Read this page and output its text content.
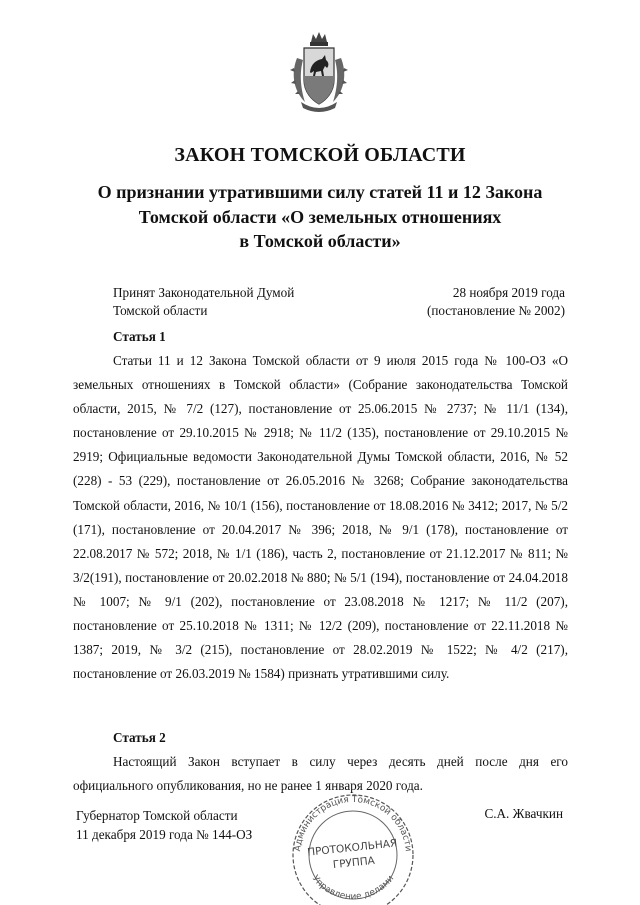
ЗАКОН ТОМСКОЙ ОБЛАСТИ
О признании утратившими силу статей 11 и 12 Закона
Томской области «О земельных отношениях
в Томской области»
Принят Законодательной Думой
Томской области
28 ноября 2019 года
(постановление № 2002)
Статья 1
Статьи 11 и 12 Закона Томской области от 9 июля 2015 года № 100-ОЗ «О земельных отношениях в Томской области» (Собрание законодательства Томской области, 2015, № 7/2 (127), постановление от 25.06.2015 № 2737; № 11/1 (134), постановление от 29.10.2015 № 2918; № 11/2 (135), постановление от 29.10.2015 № 2919; Официальные ведомости Законодательной Думы Томской области, 2016, № 52 (228) - 53 (229), постановление от 26.05.2016 № 3268; Собрание законодательства Томской области, 2016, № 10/1 (156), постановление от 18.08.2016 № 3412; 2017, № 5/2 (171), постановление от 20.04.2017 № 396; 2018, № 9/1 (178), постановление от 22.08.2017 № 572; 2018, № 1/1 (186), часть 2, постановление от 21.12.2017 № 811; № 3/2(191), постановление от 20.02.2018 № 880; № 5/1 (194), постановление от 24.04.2018 № 1007; № 9/1 (202), постановление от 23.08.2018 № 1217; № 11/2 (207), постановление от 25.10.2018 № 1311; № 12/2 (209), постановление от 22.11.2018 № 1387; 2019, № 3/2 (215), постановление от 28.02.2019 № 1522; № 4/2 (217), постановление от 26.03.2019 № 1584) признать утратившими силу.
Статья 2
Настоящий Закон вступает в силу через десять дней после дня его официального опубликования, но не ранее 1 января 2020 года.
Губернатор Томской области
11 декабря 2019 года № 144-ОЗ
С.А. Жвачкин
Администрация Томской области
Управление делами
ПРОТОКОЛЬНАЯ
ГРУППА
